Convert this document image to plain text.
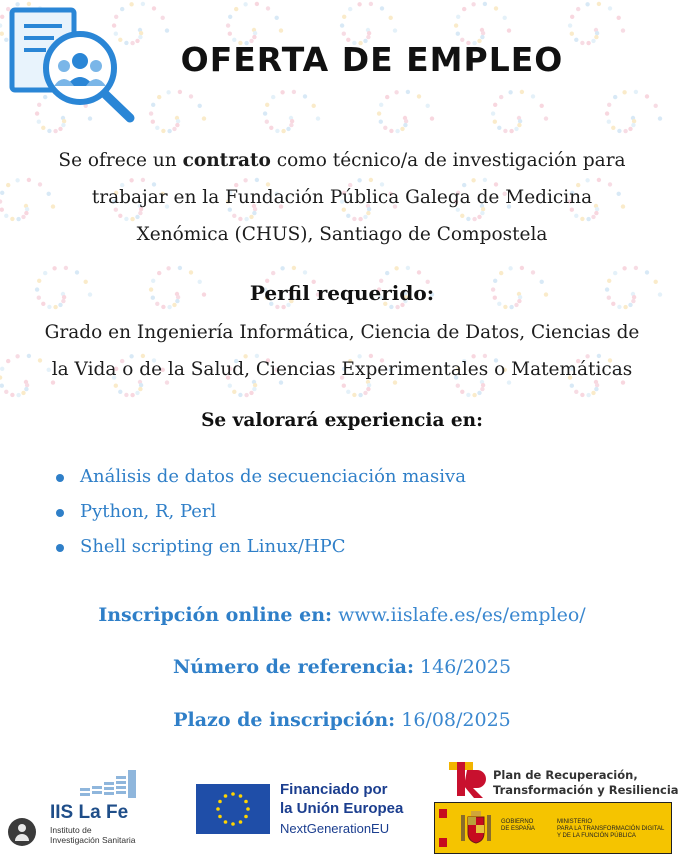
OFERTA DE EMPLEO
Se ofrece un contrato como técnico/a de investigación para
trabajar en la Fundación Pública Galega de Medicina
Xenómica (CHUS), Santiago de Compostela
Perfil requerido:
Grado en Ingeniería Informática, Ciencia de Datos, Ciencias de
la Vida o de la Salud, Ciencias Experimentales o Matemáticas
Se valorará experiencia en:
Análisis de datos de secuenciación masiva
Python, R, Perl
Shell scripting en Linux/HPC
Inscripción online en: www.iislafe.es/es/empleo/
Número de referencia: 146/2025
Plazo de inscripción: 16/08/2025
IIS La Fe
Instituto de
Investigación Sanitaria
Financiado por
la Unión Europea
NextGenerationEU
Plan de Recuperación,
Transformación y Resiliencia
GOBIERNO
DE ESPAÑA
MINISTERIO
PARA LA TRANSFORMACIÓN DIGITAL
Y DE LA FUNCIÓN PÚBLICA
